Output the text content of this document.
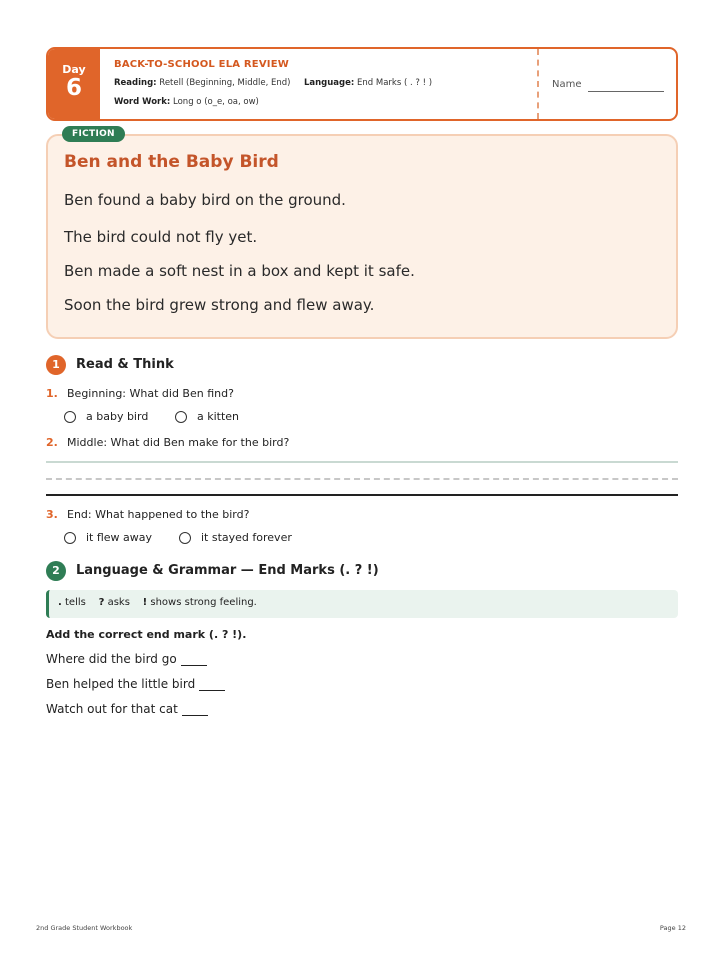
Day
6
BACK-TO-SCHOOL ELA REVIEW
Reading: Retell (Beginning, Middle, End) Language: End Marks ( . ? ! )
Word Work: Long o (o_e, oa, ow)
Name
FICTION
Ben and the Baby Bird
Ben found a baby bird on the ground.
The bird could not fly yet.
Ben made a soft nest in a box and kept it safe.
Soon the bird grew strong and flew away.
1	Read & Think
1. Beginning: What did Ben find?
a baby bird	a kitten
2. Middle: What did Ben make for the bird?
3. End: What happened to the bird?
it flew away	it stayed forever
2	Language & Grammar — End Marks (. ? !)
. tells ? asks ! shows strong feeling.
Add the correct end mark (. ? !).
Where did the bird go
Ben helped the little bird
Watch out for that cat
2nd Grade Student Workbook	Page 12
